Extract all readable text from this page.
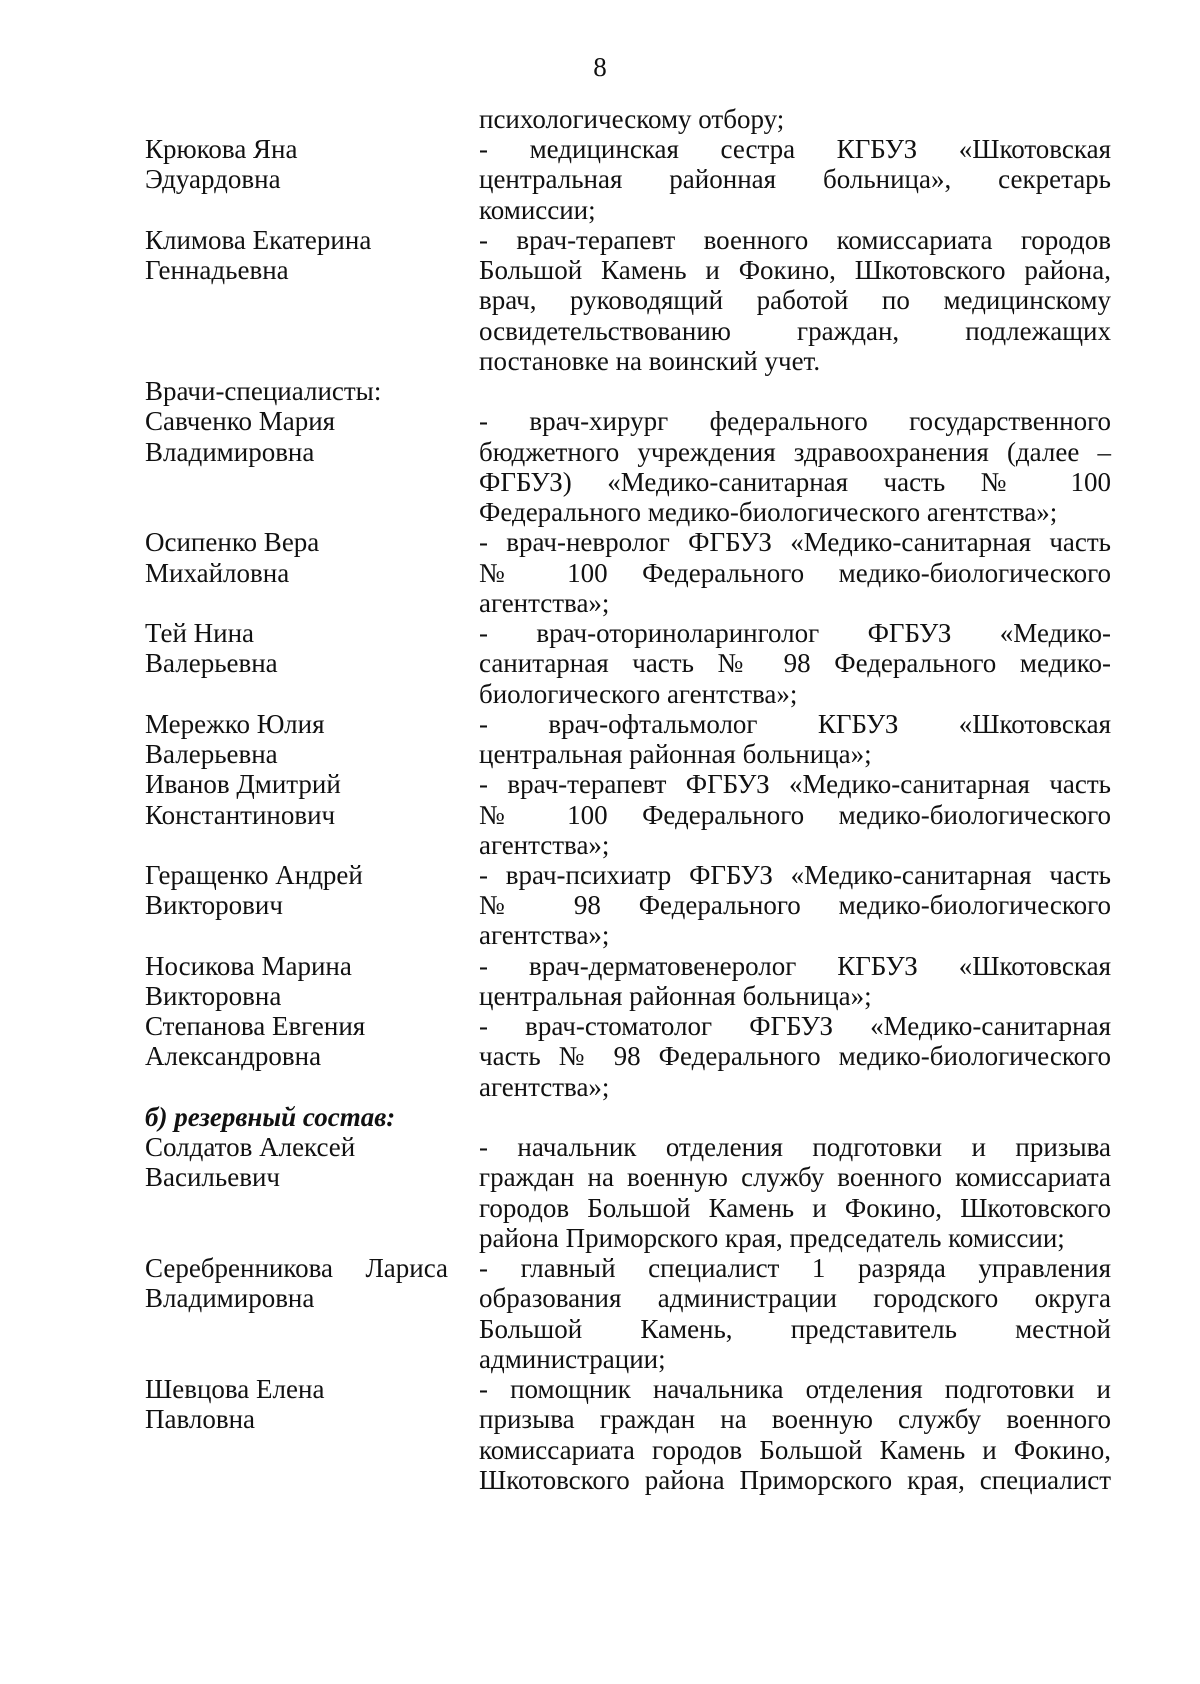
8
психологическому отбору;
Крюкова Яна	- медицинская сестра КГБУЗ «Шкотовская
Эдуардовна	центральная районная больница», секретарь
комиссии;
Климова Екатерина	- врач-терапевт военного комиссариата городов
Геннадьевна	Большой Камень и Фокино, Шкотовского района,
врач, руководящий работой по медицинскому
освидетельствованию граждан, подлежащих
постановке на воинский учет.
Врачи-специалисты:
Савченко Мария	- врач-хирург федерального государственного
Владимировна	бюджетного учреждения здравоохранения (далее –
ФГБУЗ) «Медико-санитарная часть № 100
Федерального медико-биологического агентства»;
Осипенко Вера	- врач-невролог ФГБУЗ «Медико-санитарная часть
Михайловна	№ 100 Федерального медико-биологического
агентства»;
Тей Нина	- врач-оториноларинголог ФГБУЗ «Медико-
Валерьевна	санитарная часть № 98 Федерального медико-
биологического агентства»;
Мережко Юлия	- врач-офтальмолог КГБУЗ «Шкотовская
Валерьевна	центральная районная больница»;
Иванов Дмитрий	- врач-терапевт ФГБУЗ «Медико-санитарная часть
Константинович	№ 100 Федерального медико-биологического
агентства»;
Геращенко Андрей	- врач-психиатр ФГБУЗ «Медико-санитарная часть
Викторович	№ 98 Федерального медико-биологического
агентства»;
Носикова Марина	- врач-дерматовенеролог КГБУЗ «Шкотовская
Викторовна	центральная районная больница»;
Степанова Евгения	- врач-стоматолог ФГБУЗ «Медико-санитарная
Александровна	часть № 98 Федерального медико-биологического
агентства»;
б) резервный состав:
Солдатов Алексей	- начальник отделения подготовки и призыва
Васильевич	граждан на военную службу военного комиссариата
городов Большой Камень и Фокино, Шкотовского
района Приморского края, председатель комиссии;
Серебренникова Лариса - главный специалист 1 разряда управления
Владимировна	образования администрации городского округа
Большой Камень, представитель местной
администрации;
Шевцова Елена	- помощник начальника отделения подготовки и
Павловна	призыва граждан на военную службу военного
комиссариата городов Большой Камень и Фокино,
Шкотовского района Приморского края, специалист
